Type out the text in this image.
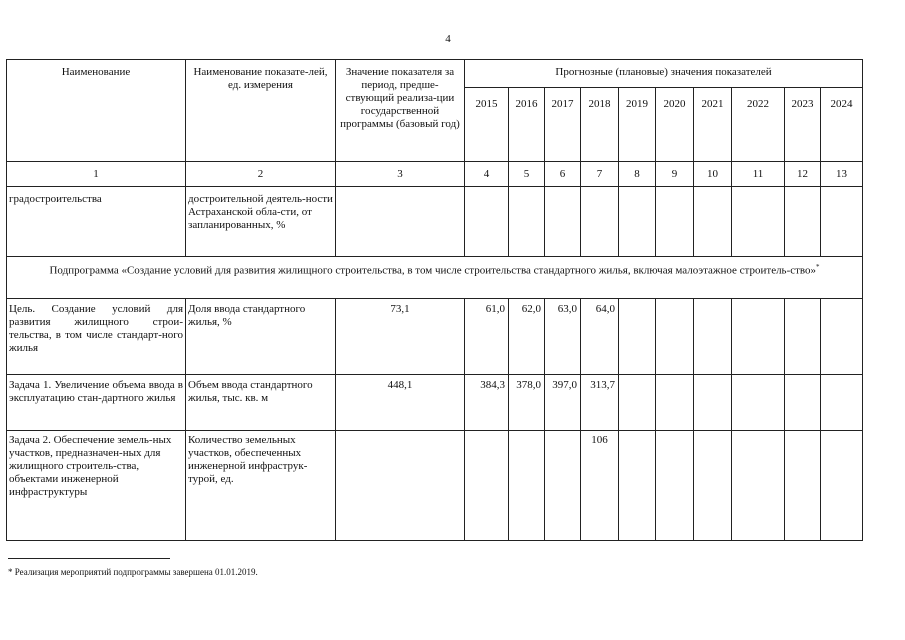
4
Наименование	Наименование показате-лей, ед. измерения	Значение показателя за период, предше-ствующий реализа-ции государственной программы (базовый год)	Прогнозные (плановые) значения показателей									
			2015	2016	2017	2018	2019	2020	2021	2022	2023	2024
1	2	3	4	5	6	7	8	9	10	11	12	13
градостроительства	достроительной деятель-ности Астраханской обла-сти, от запланированных, %											
Подпрограмма «Создание условий для развития жилищного строительства, в том числе строительства стандартного жилья, включая малоэтажное строитель-ство»*
Цель. Создание условий для развития жилищного строи-тельства, в том числе стандарт-ного жилья	Доля ввода стандартного жилья, %	73,1	61,0	62,0	63,0	64,0						
Задача 1. Увеличение объема ввода в эксплуатацию стан-дартного жилья	Объем ввода стандартного жилья, тыс. кв. м	448,1	384,3	378,0	397,0	313,7						
Задача 2. Обеспечение земель-ных участков, предназначен-ных для жилищного строитель-ства, объектами инженерной инфраструктуры	Количество земельных участков, обеспеченных инженерной инфраструк-турой, ед.					106						
* Реализация мероприятий подпрограммы завершена 01.01.2019.
